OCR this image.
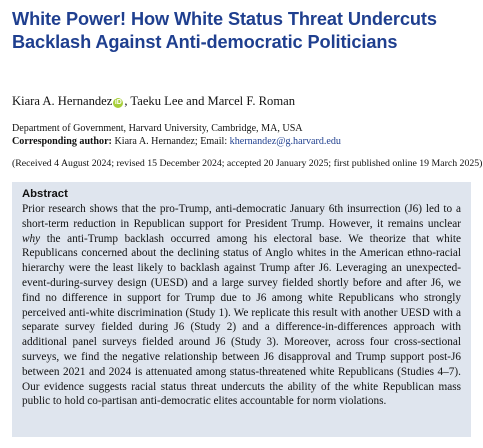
White Power! How White Status Threat Undercuts Backlash Against Anti-democratic Politicians
Kiara A. Hernandez iD , Taeku Lee and Marcel F. Roman
Department of Government, Harvard University, Cambridge, MA, USA
Corresponding author: Kiara A. Hernandez; Email: khernandez@g.harvard.edu
(Received 4 August 2024; revised 15 December 2024; accepted 20 January 2025; first published online 19 March 2025)
Abstract
Prior research shows that the pro-Trump, anti-democratic January 6th insurrection (J6) led to a short-term reduction in Republican support for President Trump. However, it remains unclear why the anti-Trump backlash occurred among his electoral base. We theorize that white Republicans concerned about the declining status of Anglo whites in the American ethno-racial hierarchy were the least likely to backlash against Trump after J6. Leveraging an unexpected-event-during-survey design (UESD) and a large survey fielded shortly before and after J6, we find no difference in support for Trump due to J6 among white Republicans who strongly perceived anti-white discrimination (Study 1). We replicate this result with another UESD with a separate survey fielded during J6 (Study 2) and a difference-in-differences approach with additional panel surveys fielded around J6 (Study 3). Moreover, across four cross-sectional surveys, we find the negative relationship between J6 disapproval and Trump support post-J6 between 2021 and 2024 is attenuated among status-threatened white Republicans (Studies 4–7). Our evidence suggests racial status threat undercuts the ability of the white Republican mass public to hold co-partisan anti-democratic elites accountable for norm violations.
